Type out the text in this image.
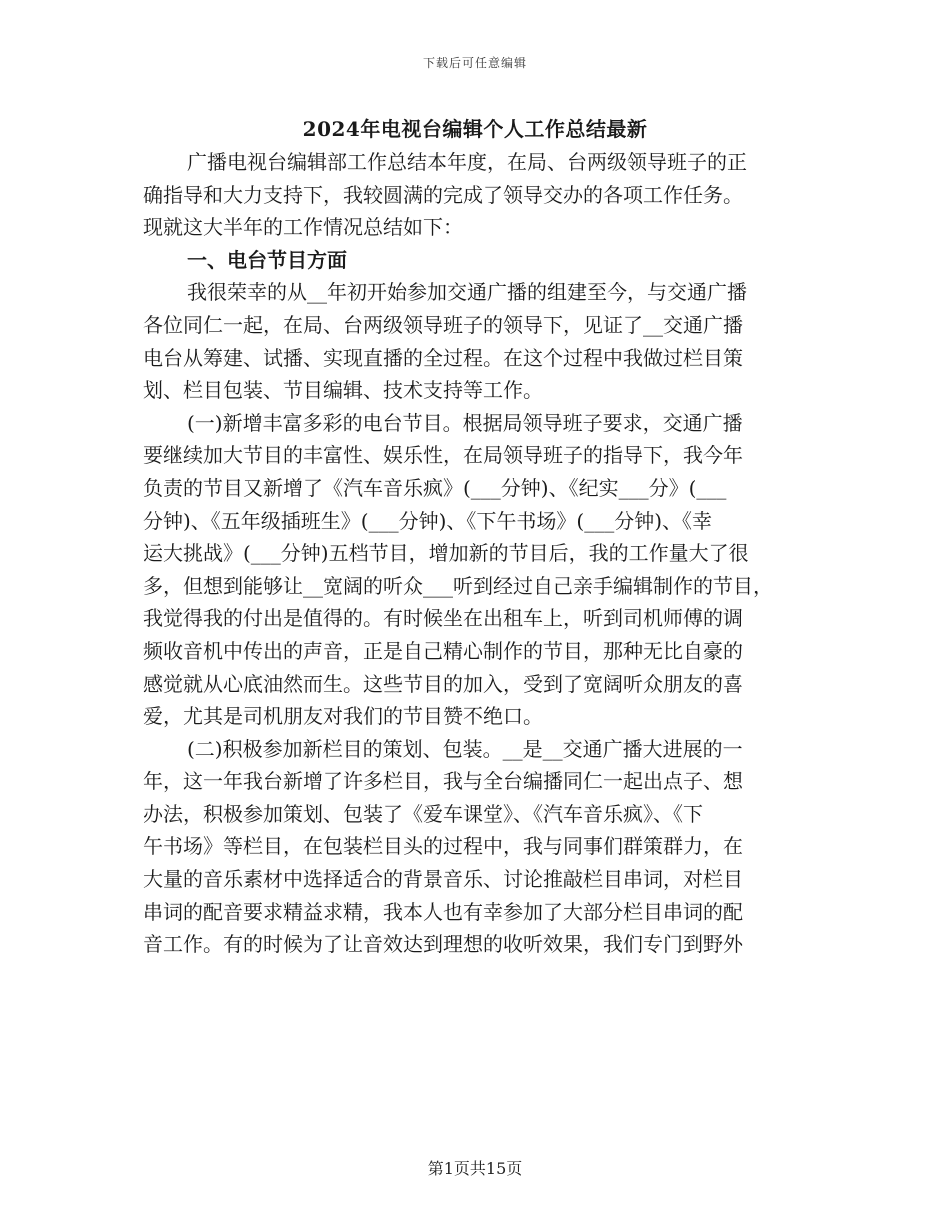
下载后可任意编辑
2024年电视台编辑个人工作总结最新
广播电视台编辑部工作总结本年度，在局、台两级领导班子的正
确指导和大力支持下，我较圆满的完成了领导交办的各项工作任务。
现就这大半年的工作情况总结如下：
一、电台节目方面
我很荣幸的从__年初开始参加交通广播的组建至今，与交通广播
各位同仁一起，在局、台两级领导班子的领导下，见证了__交通广播
电台从筹建、试播、实现直播的全过程。在这个过程中我做过栏目策
划、栏目包装、节目编辑、技术支持等工作。
(一)新增丰富多彩的电台节目。根据局领导班子要求，交通广播
要继续加大节目的丰富性、娱乐性，在局领导班子的指导下，我今年
负责的节目又新增了《汽车音乐疯》(___分钟)、《纪实___分》(___
分钟)、《五年级插班生》(___分钟)、《下午书场》(___分钟)、《幸
运大挑战》(___分钟)五档节目，增加新的节目后，我的工作量大了很
多，但想到能够让__宽阔的听众___听到经过自己亲手编辑制作的节目，
我觉得我的付出是值得的。有时候坐在出租车上，听到司机师傅的调
频收音机中传出的声音，正是自己精心制作的节目，那种无比自豪的
感觉就从心底油然而生。这些节目的加入，受到了宽阔听众朋友的喜
爱，尤其是司机朋友对我们的节目赞不绝口。
(二)积极参加新栏目的策划、包装。__是__交通广播大进展的一
年，这一年我台新增了许多栏目，我与全台编播同仁一起出点子、想
办法，积极参加策划、包装了《爱车课堂》、《汽车音乐疯》、《下
午书场》等栏目，在包装栏目头的过程中，我与同事们群策群力，在
大量的音乐素材中选择适合的背景音乐、讨论推敲栏目串词，对栏目
串词的配音要求精益求精，我本人也有幸参加了大部分栏目串词的配
音工作。有的时候为了让音效达到理想的收听效果，我们专门到野外
第1页共15页
